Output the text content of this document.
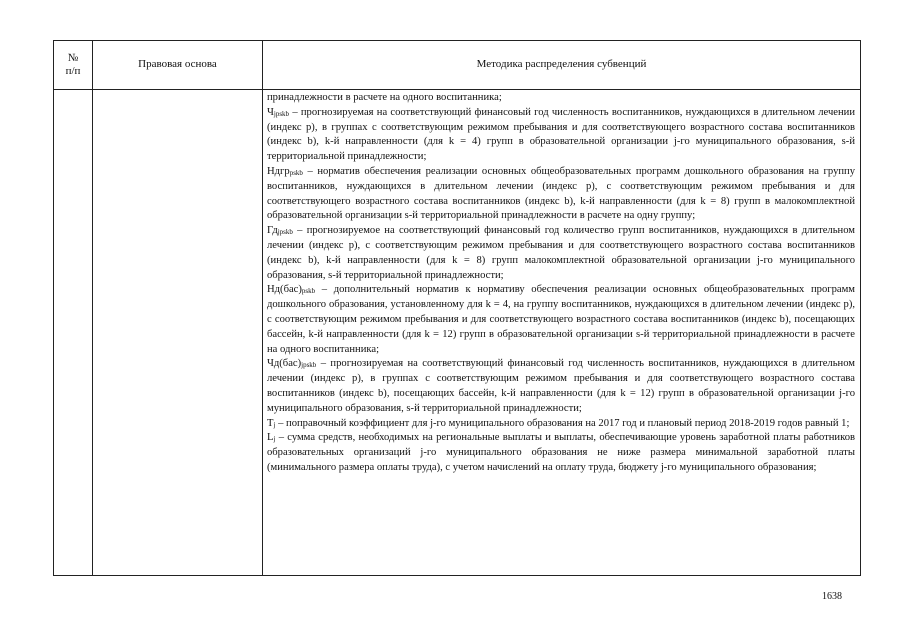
№
п/п
Правовая основа	Методика распределения субвенций

принадлежности в расчете на одного воспитанника;

$Ч_{jpskb}$ – прогнозируемая на соответствующий финансовый год численность воспитанников, нуждающихся в длительном лечении (индекс p), в группах с соответствующим режимом пребывания и для соответствующего возрастного состава воспитанников (индекс b), k-й направленности (для k = 4) групп в образовательной организации j-го муниципального образования, s-й территориальной принадлежности;

Ндгр$_{pskb}$ – норматив обеспечения реализации основных общеобразовательных программ дошкольного образования на группу воспитанников, нуждающихся в длительном лечении (индекс p), с соответствующим режимом пребывания и для соответствующего возрастного состава воспитанников (индекс b), k-й направленности (для k = 8) групп в малокомплектной образовательной организации s-й территориальной принадлежности в расчете на одну группу;

$Гд_{jpskb}$ – прогнозируемое на соответствующий финансовый год количество групп воспитанников, нуждающихся в длительном лечении (индекс p), с соответствующим режимом пребывания и для соответствующего возрастного состава воспитанников (индекс b), k-й направленности (для k = 8) групп малокомплектной образовательной организации j-го муниципального образования, s-й территориальной принадлежности;

$Нд(бас)_{pskb}$ – дополнительный норматив к нормативу обеспечения реализации основных общеобразовательных программ дошкольного образования, установленному для k = 4, на группу воспитанников, нуждающихся в длительном лечении (индекс p), с соответствующим режимом пребывания и для соответствующего возрастного состава воспитанников (индекс b), посещающих бассейн, k-й направленности (для k = 12) групп в образовательной организации s-й территориальной принадлежности в расчете на одного воспитанника;

$Чд(бас)_{jpskb}$ – прогнозируемая на соответствующий финансовый год численность воспитанников, нуждающихся в длительном лечении (индекс p), в группах с соответствующим режимом пребывания и для соответствующего возрастного состава воспитанников (индекс b), посещающих бассейн, k-й направленности (для k = 12) групп в образовательной организации j-го муниципального образования, s-й территориальной принадлежности;

$Т_j$ – поправочный коэффициент для j-го муниципального образования на 2017 год и плановый период 2018-2019 годов равный 1;

$L_j$ – сумма средств, необходимых на региональные выплаты и выплаты, обеспечивающие уровень заработной платы работников образовательных организаций j-го муниципального образования не ниже размера минимальной заработной платы (минимального размера оплаты труда), с учетом начислений на оплату труда, бюджету j-го муниципального образования;

1638
